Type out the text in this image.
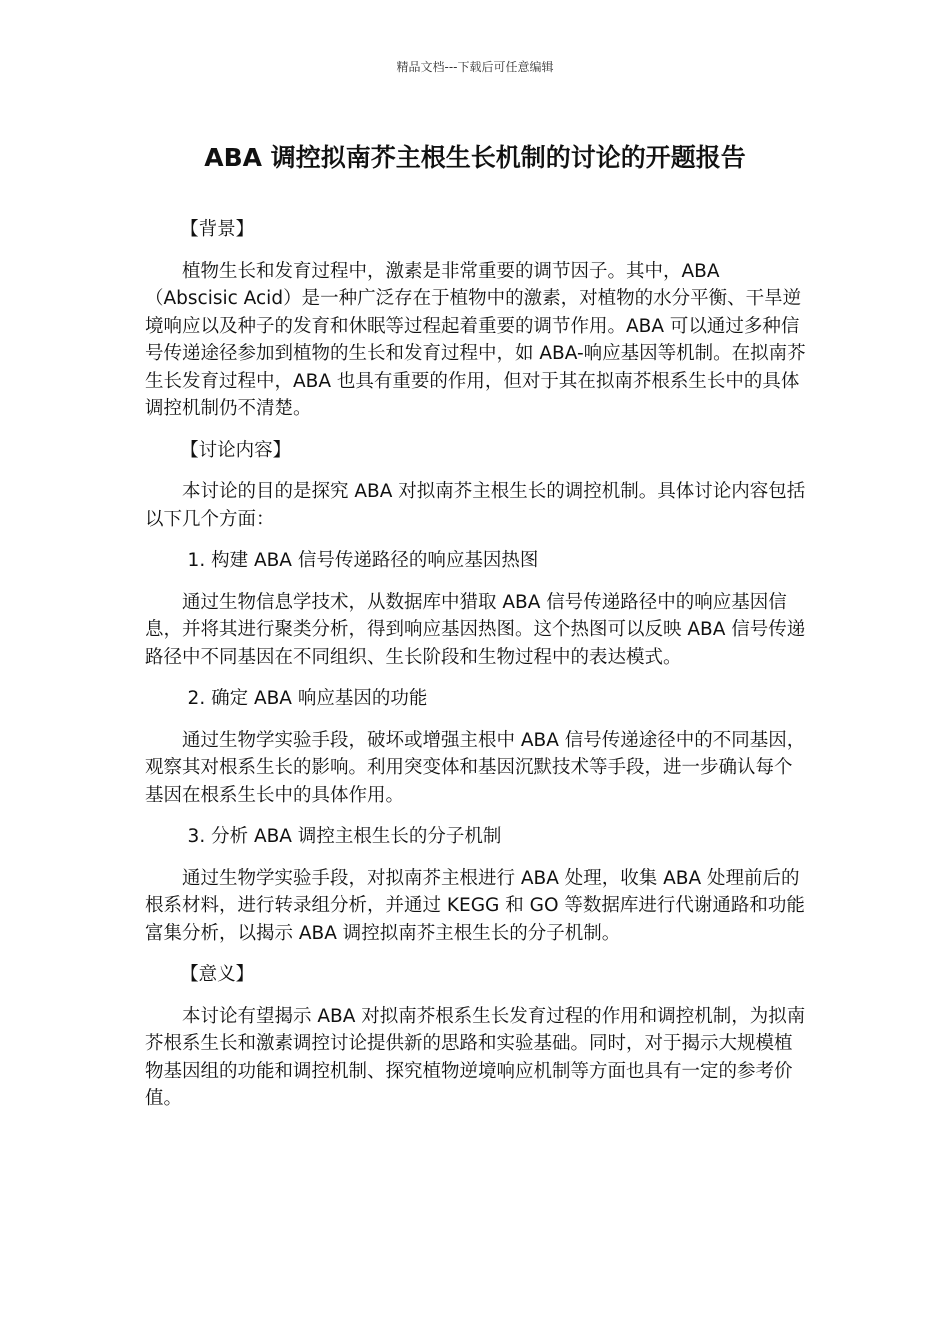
精品文档---下载后可任意编辑
ABA 调控拟南芥主根生长机制的讨论的开题报告

【背景】

植物生长和发育过程中，激素是非常重要的调节因子。其中，ABA（Abscisic Acid）是一种广泛存在于植物中的激素，对植物的水分平衡、干旱逆境响应以及种子的发育和休眠等过程起着重要的调节作用。ABA 可以通过多种信号传递途径参加到植物的生长和发育过程中，如 ABA-响应基因等机制。在拟南芥生长发育过程中，ABA 也具有重要的作用，但对于其在拟南芥根系生长中的具体调控机制仍不清楚。

【讨论内容】

本讨论的目的是探究 ABA 对拟南芥主根生长的调控机制。具体讨论内容包括以下几个方面：

1. 构建 ABA 信号传递路径的响应基因热图

通过生物信息学技术，从数据库中猎取 ABA 信号传递路径中的响应基因信息，并将其进行聚类分析，得到响应基因热图。这个热图可以反映 ABA 信号传递路径中不同基因在不同组织、生长阶段和生物过程中的表达模式。

2. 确定 ABA 响应基因的功能

通过生物学实验手段，破坏或增强主根中 ABA 信号传递途径中的不同基因，观察其对根系生长的影响。利用突变体和基因沉默技术等手段，进一步确认每个基因在根系生长中的具体作用。

3. 分析 ABA 调控主根生长的分子机制

通过生物学实验手段，对拟南芥主根进行 ABA 处理，收集 ABA 处理前后的根系材料，进行转录组分析，并通过 KEGG 和 GO 等数据库进行代谢通路和功能富集分析，以揭示 ABA 调控拟南芥主根生长的分子机制。

【意义】

本讨论有望揭示 ABA 对拟南芥根系生长发育过程的作用和调控机制，为拟南芥根系生长和激素调控讨论提供新的思路和实验基础。同时，对于揭示大规模植物基因组的功能和调控机制、探究植物逆境响应机制等方面也具有一定的参考价值。
